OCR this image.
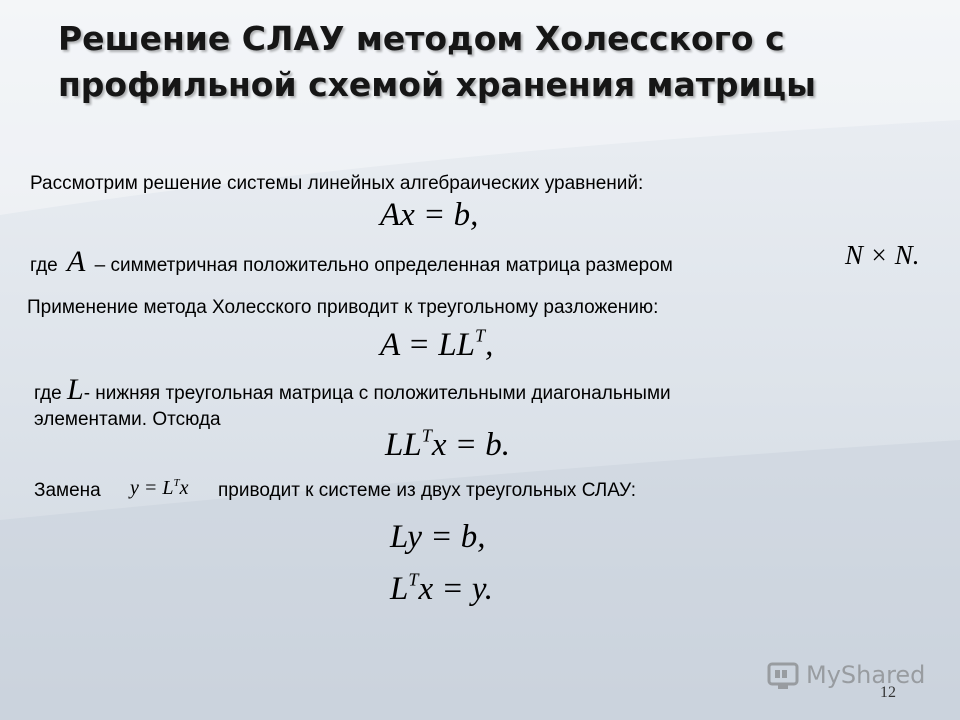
Решение СЛАУ методом Холесского с профильной схемой хранения матрицы

Рассмотрим решение системы линейных алгебраических уравнений:

Ax = b,

где A – симметричная положительно определенная матрица размером	N × N.

Применение метода Холесского приводит к треугольному разложению:

$A = LL^T$,

где L- нижняя треугольная матрица с положительными диагональными

элементами. Отсюда

$LL^Tx = b$.

Замена $y = L^Tx$ приводит к системе из двух треугольных СЛАУ:

Ly = b,
$L^Tx = y$.
MyShared
12
